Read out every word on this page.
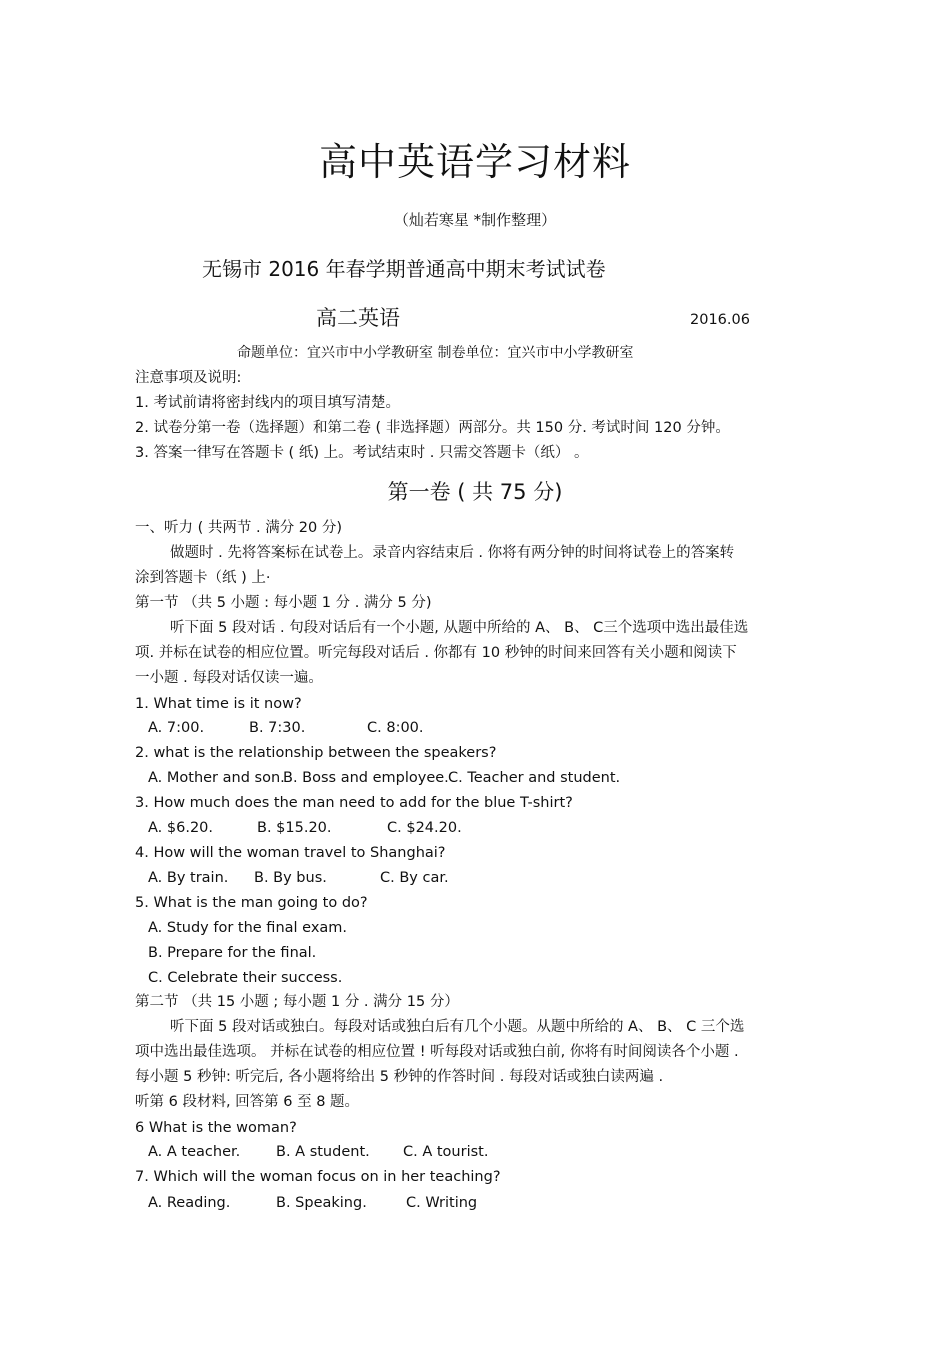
高中英语学习材料
（灿若寒星 *制作整理）
无锡市 2016 年春学期普通高中期末考试试卷
高二英语	2016.06
命题单位：宜兴市中小学教研室 制卷单位：宜兴市中小学教研室
注意事项及说明:
1. 考试前请将密封线内的项目填写清楚。
2. 试卷分第一卷（选择题）和第二卷 ( 非选择题）两部分。共 150 分. 考试时间 120 分钟。
3. 答案一律写在答题卡 ( 纸) 上。考试结束时 . 只需交答题卡（纸） 。
第一卷 ( 共 75 分)
一、听力 ( 共两节 . 满分 20 分)
做题时 . 先将答案标在试卷上。录音内容结束后 . 你将有两分钟的时间将试卷上的答案转
涂到答题卡（纸 ) 上·
第一节 （共 5 小题 : 每小题 1 分 . 满分 5 分)
听下面 5 段对话 . 句段对话后有一个小题, 从题中所给的 A、 B、 C三个选项中选出最佳选
项. 并标在试卷的相应位置。听完每段对话后 . 你都有 10 秒钟的时间来回答有关小题和阅读下
一小题 . 每段对话仅读一遍。
1. What time is it now?
A. 7:00.	B. 7:30.	C. 8:00.
2. what is the relationship between the speakers?
A. Mother and son.
B. Boss and employee. C. Teacher and student.
3. How much does the man need to add for the blue T-shirt?
A. $6.20.	B. $15.20.	C. $24.20.
4. How will the woman travel to Shanghai?
A. By train. B. By bus.	C. By car.
5. What is the man going to do?
A. Study for the final exam.
B. Prepare for the final.
C. Celebrate their success.
第二节 （共 15 小题 ; 每小题 1 分 . 满分 15 分）
听下面 5 段对话或独白。每段对话或独白后有几个小题。从题中所给的 A、 B、 C 三个选
项中选出最佳选项。 并标在试卷的相应位置 ! 听每段对话或独白前, 你将有时间阅读各个小题 .
每小题 5 秒钟: 听完后, 各小题将给出 5 秒钟的作答时间 . 每段对话或独白读两遍 .
听第 6 段材料, 回答第 6 至 8 题。
6 What is the woman?
A. A teacher. B. A student. C. A tourist.
7. Which will the woman focus on in her teaching?
A. Reading.	B. Speaking.	C. Writing
